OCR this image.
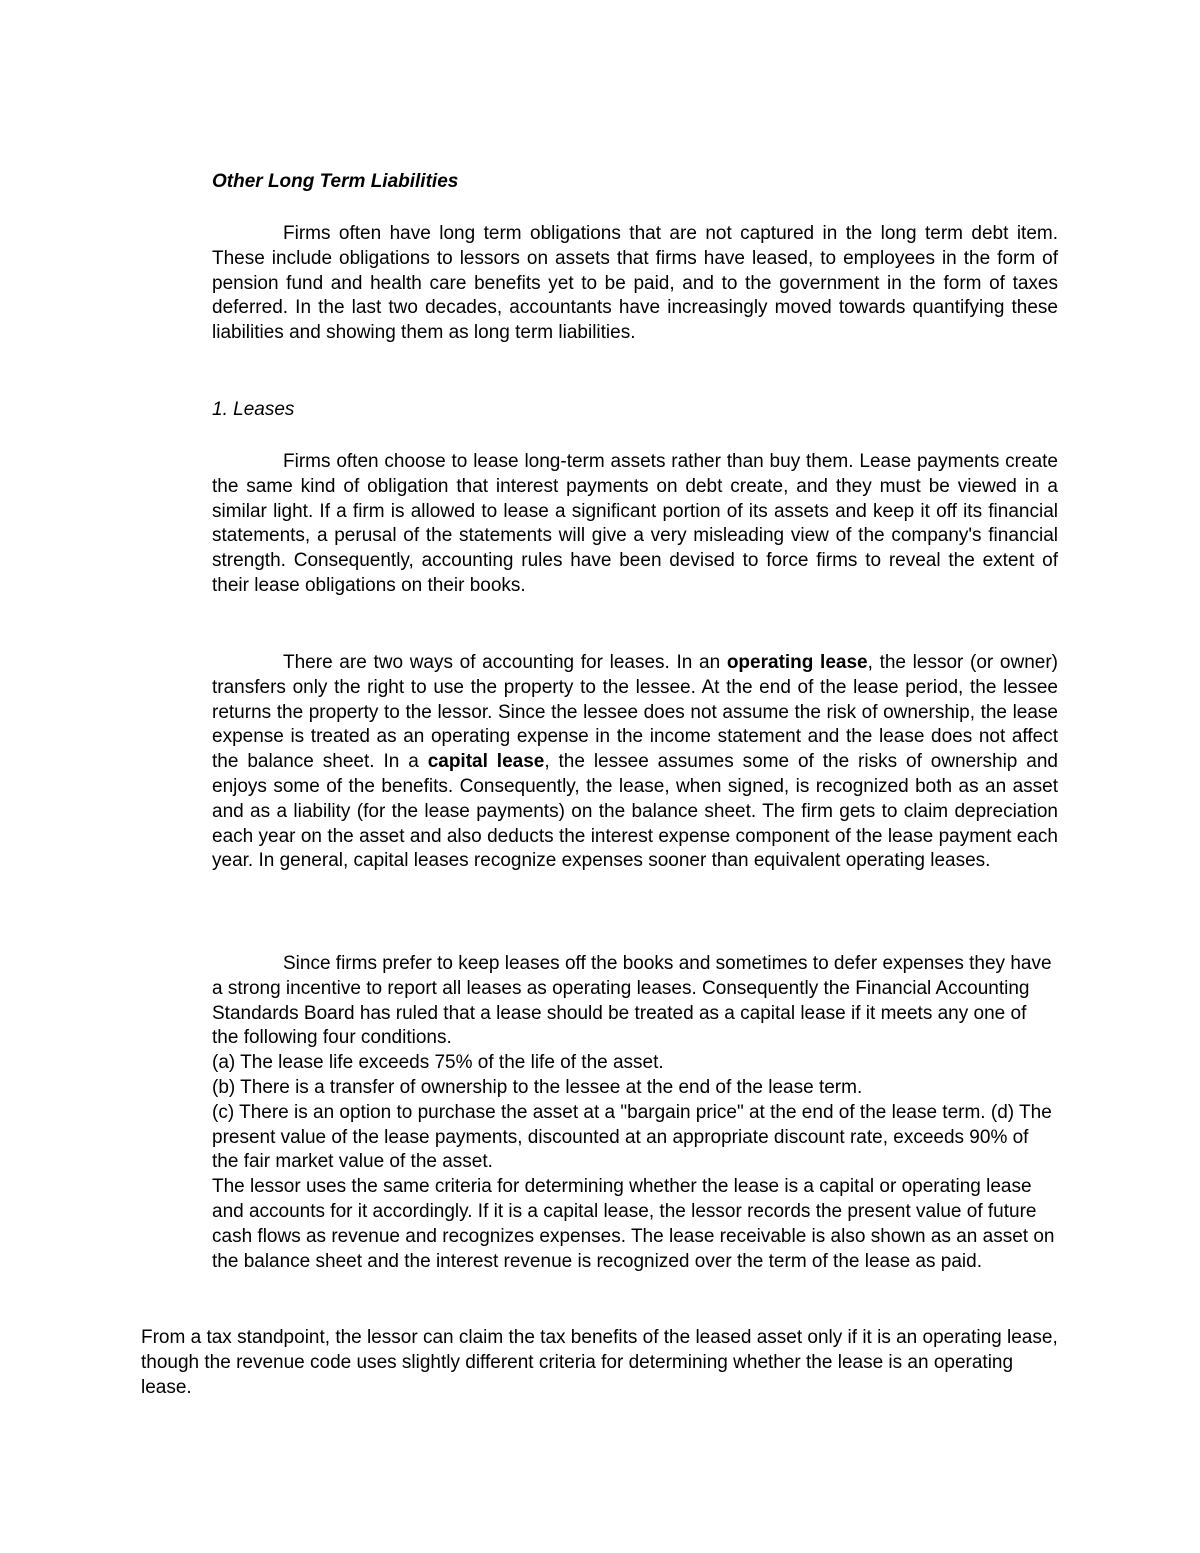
Other Long Term Liabilities

Firms often have long term obligations that are not captured in the long term debt item. These include obligations to lessors on assets that firms have leased, to employees in the form of pension fund and health care benefits yet to be paid, and to the government in the form of taxes deferred. In the last two decades, accountants have increasingly moved towards quantifying these liabilities and showing them as long term liabilities.

1. Leases

Firms often choose to lease long-term assets rather than buy them. Lease payments create the same kind of obligation that interest payments on debt create, and they must be viewed in a similar light. If a firm is allowed to lease a significant portion of its assets and keep it off its financial statements, a perusal of the statements will give a very misleading view of the company's financial strength. Consequently, accounting rules have been devised to force firms to reveal the extent of their lease obligations on their books.

There are two ways of accounting for leases. In an operating lease, the lessor (or owner) transfers only the right to use the property to the lessee. At the end of the lease period, the lessee returns the property to the lessor. Since the lessee does not assume the risk of ownership, the lease expense is treated as an operating expense in the income statement and the lease does not affect the balance sheet. In a capital lease, the lessee assumes some of the risks of ownership and enjoys some of the benefits. Consequently, the lease, when signed, is recognized both as an asset and as a liability (for the lease payments) on the balance sheet. The firm gets to claim depreciation each year on the asset and also deducts the interest expense component of the lease payment each year. In general, capital leases recognize expenses sooner than equivalent operating leases.

Since firms prefer to keep leases off the books and sometimes to defer expenses they have a strong incentive to report all leases as operating leases. Consequently the Financial Accounting Standards Board has ruled that a lease should be treated as a capital lease if it meets any one of the following four conditions.

(a) The lease life exceeds 75% of the life of the asset.

(b) There is a transfer of ownership to the lessee at the end of the lease term.

(c) There is an option to purchase the asset at a "bargain price" at the end of the lease term. (d) The present value of the lease payments, discounted at an appropriate discount rate, exceeds 90% of the fair market value of the asset.

The lessor uses the same criteria for determining whether the lease is a capital or operating lease and accounts for it accordingly. If it is a capital lease, the lessor records the present value of future cash flows as revenue and recognizes expenses. The lease receivable is also shown as an asset on the balance sheet and the interest revenue is recognized over the term of the lease as paid.

From a tax standpoint, the lessor can claim the tax benefits of the leased asset only if it is an operating lease, though the revenue code uses slightly different criteria for determining whether the lease is an operating lease.
